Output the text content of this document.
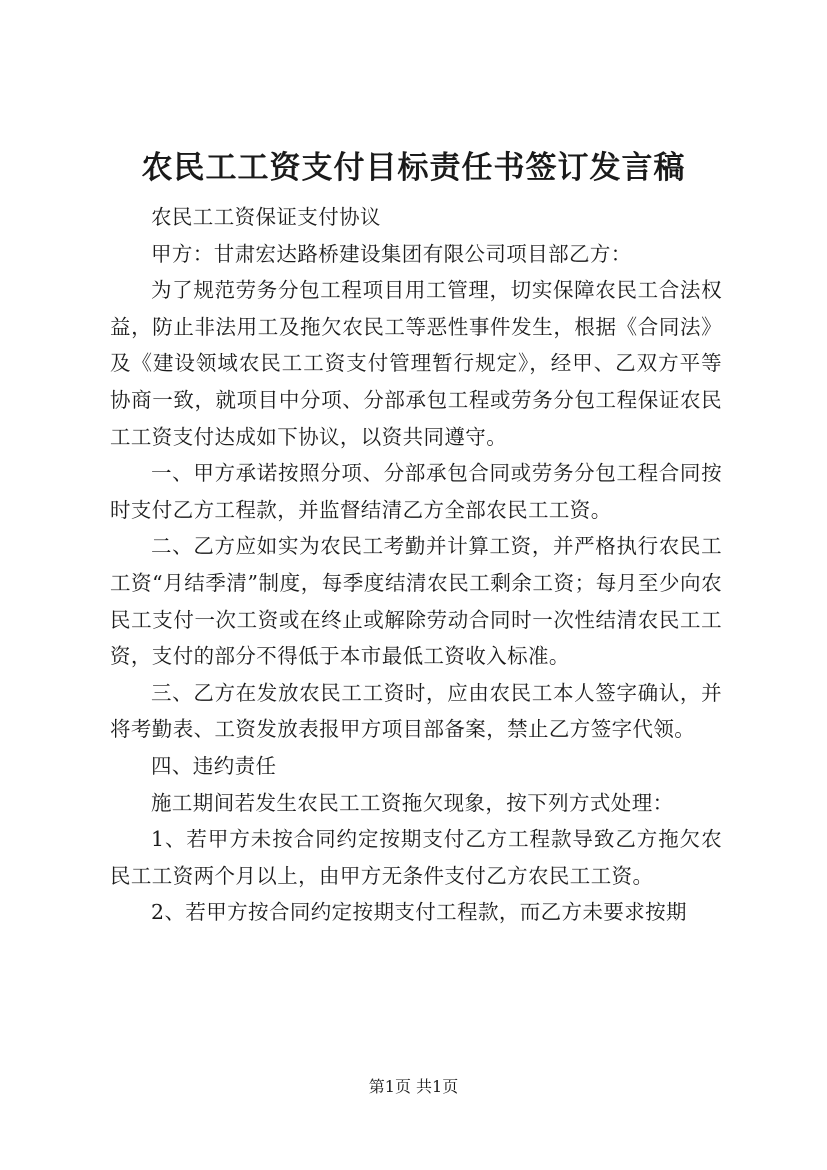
农民工工资支付目标责任书签订发言稿

农民工工资保证支付协议

甲方：甘肃宏达路桥建设集团有限公司项目部乙方：

为了规范劳务分包工程项目用工管理，切实保障农民工合法权益，防止非法用工及拖欠农民工等恶性事件发生，根据《合同法》及《建设领域农民工工资支付管理暂行规定》，经甲、乙双方平等协商一致，就项目中分项、分部承包工程或劳务分包工程保证农民工工资支付达成如下协议，以资共同遵守。

一、甲方承诺按照分项、分部承包合同或劳务分包工程合同按时支付乙方工程款，并监督结清乙方全部农民工工资。

二、乙方应如实为农民工考勤并计算工资，并严格执行农民工工资“月结季清”制度，每季度结清农民工剩余工资；每月至少向农民工支付一次工资或在终止或解除劳动合同时一次性结清农民工工资，支付的部分不得低于本市最低工资收入标准。

三、乙方在发放农民工工资时，应由农民工本人签字确认，并将考勤表、工资发放表报甲方项目部备案，禁止乙方签字代领。

四、违约责任

施工期间若发生农民工工资拖欠现象，按下列方式处理：

1、若甲方未按合同约定按期支付乙方工程款导致乙方拖欠农民工工资两个月以上，由甲方无条件支付乙方农民工工资。

2、若甲方按合同约定按期支付工程款，而乙方未要求按期

第1页 共1页
